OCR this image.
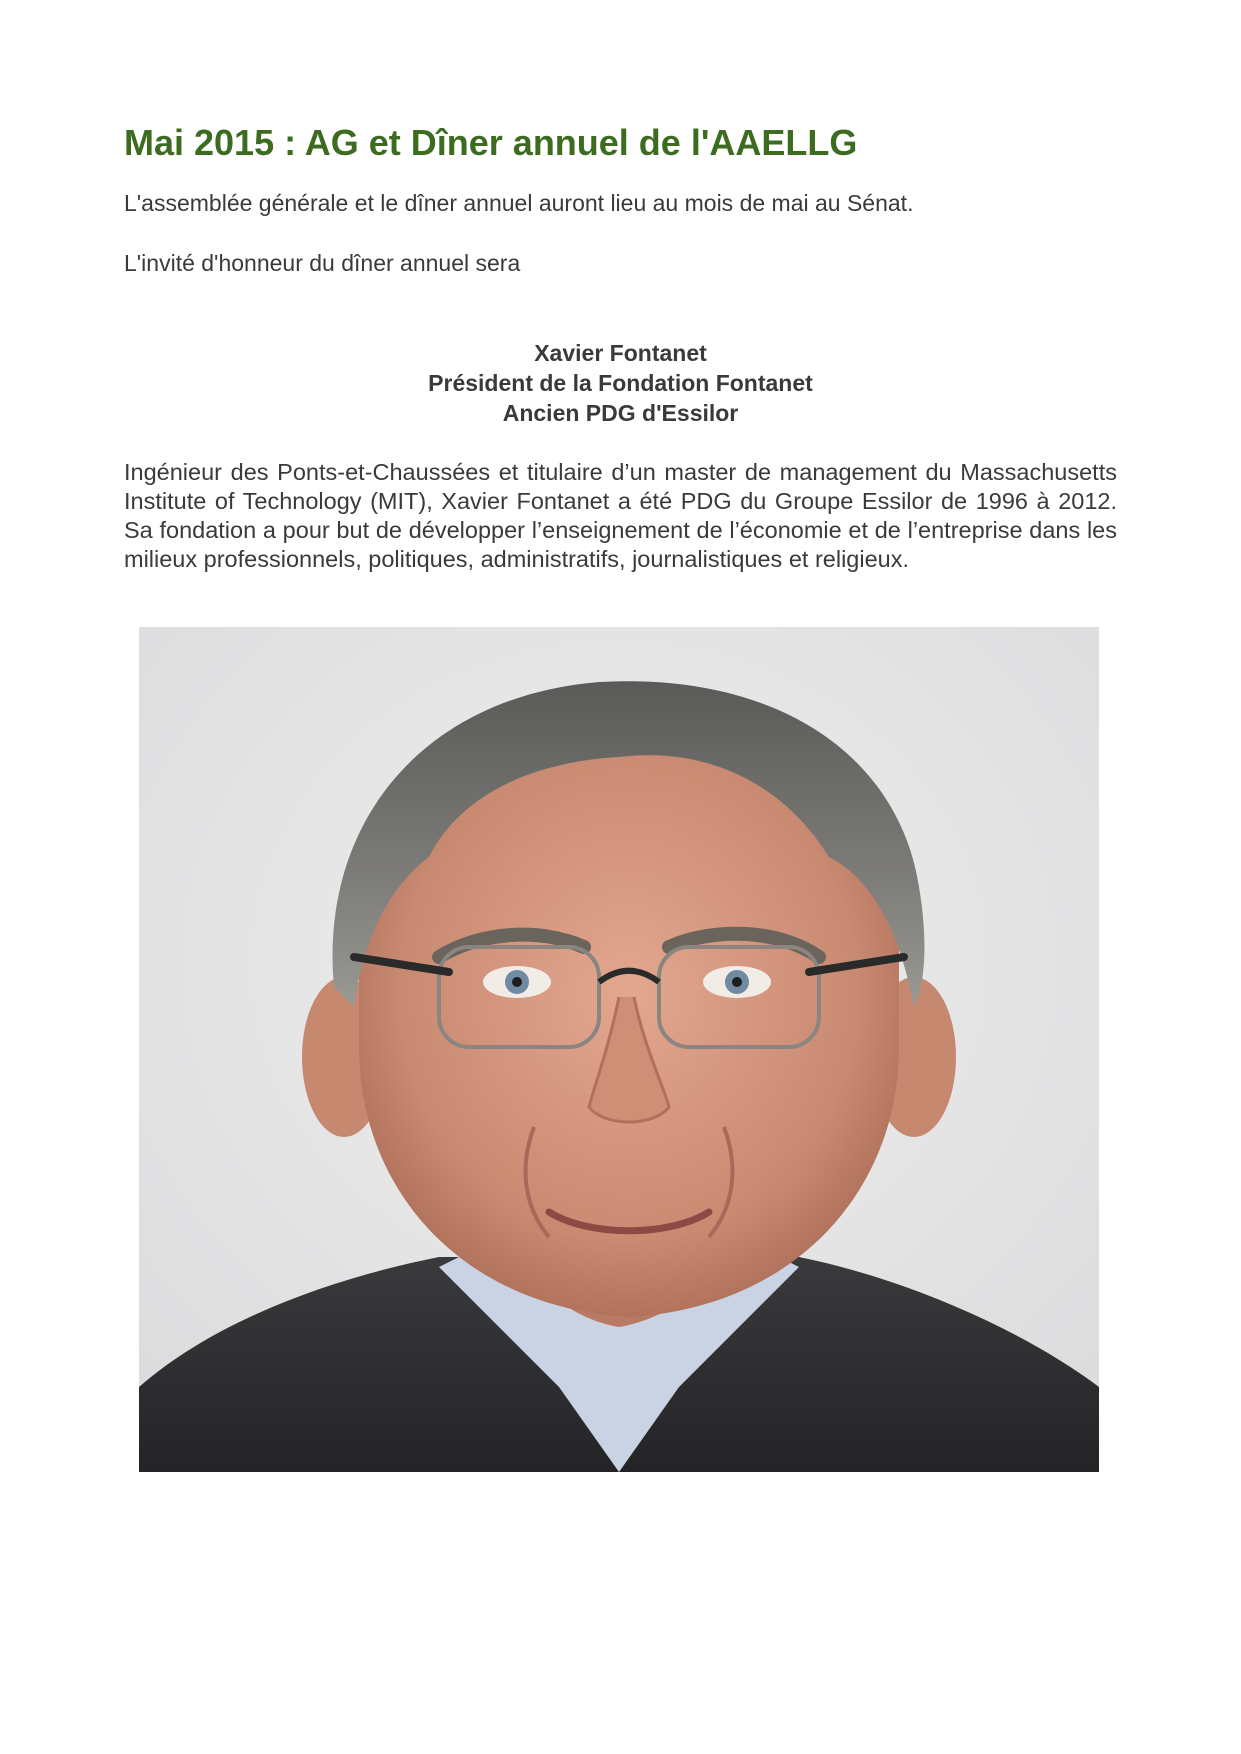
Mai 2015 : AG et Dîner annuel de l'AAELLG

L'assemblée générale et le dîner annuel auront lieu au mois de mai au Sénat.

L'invité d'honneur du dîner annuel sera

Xavier Fontanet
Président de la Fondation Fontanet
Ancien PDG d'Essilor

Ingénieur des Ponts-et-Chaussées et titulaire d’un master de management du Massachusetts Institute of Technology (MIT), Xavier Fontanet a été PDG du Groupe Essilor de 1996 à 2012. Sa fondation a pour but de développer l’enseignement de l’économie et de l’entreprise dans les milieux professionnels, politiques, administratifs, journalistiques et religieux.
